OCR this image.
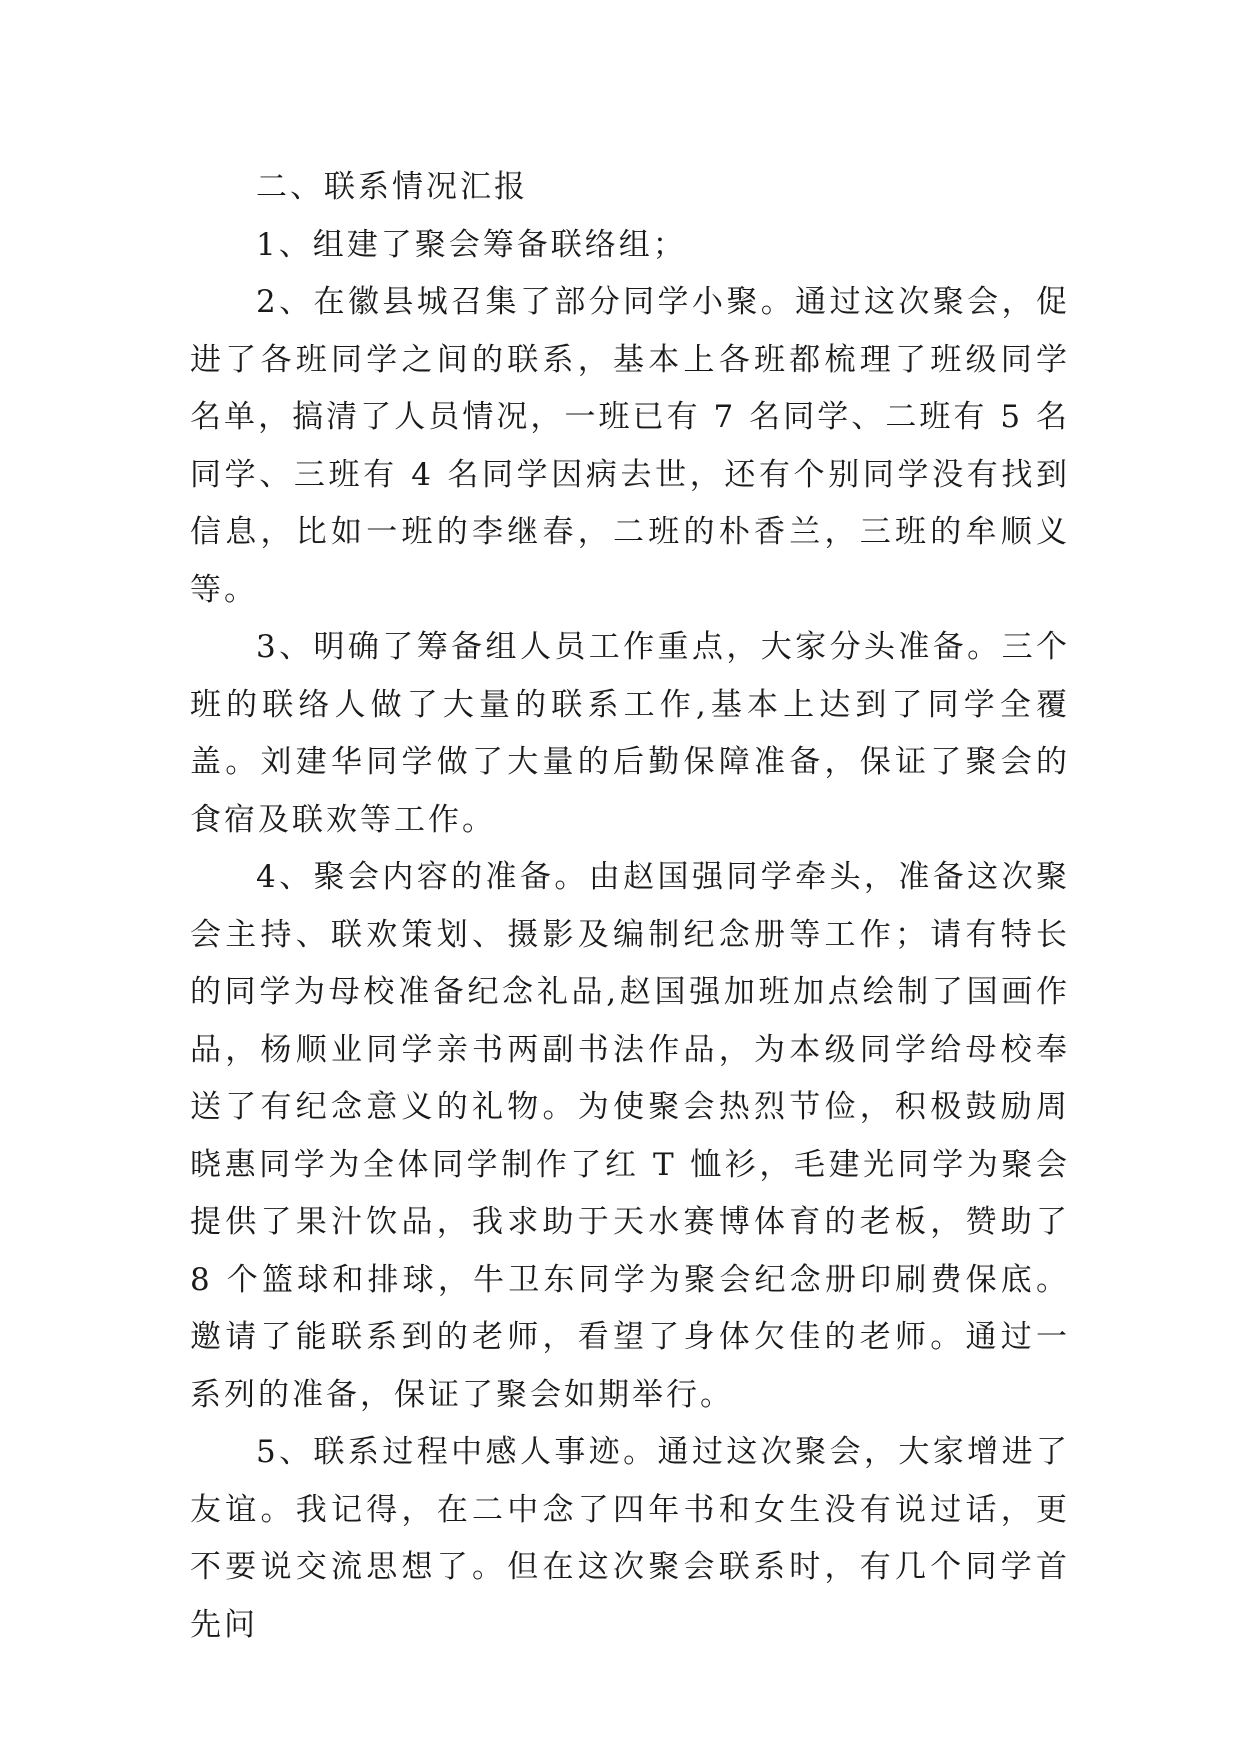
二、联系情况汇报

1、组建了聚会筹备联络组；

2、在徽县城召集了部分同学小聚。通过这次聚会，促进了各班同学之间的联系，基本上各班都梳理了班级同学名单，搞清了人员情况，一班已有 7 名同学、二班有 5 名同学、三班有 4 名同学因病去世，还有个别同学没有找到信息，比如一班的李继春，二班的朴香兰，三班的牟顺义等。

3、明确了筹备组人员工作重点，大家分头准备。三个班的联络人做了大量的联系工作,基本上达到了同学全覆盖。刘建华同学做了大量的后勤保障准备，保证了聚会的食宿及联欢等工作。

4、聚会内容的准备。由赵国强同学牵头，准备这次聚会主持、联欢策划、摄影及编制纪念册等工作；请有特长的同学为母校准备纪念礼品,赵国强加班加点绘制了国画作品，杨顺业同学亲书两副书法作品，为本级同学给母校奉送了有纪念意义的礼物。为使聚会热烈节俭，积极鼓励周晓惠同学为全体同学制作了红 T 恤衫，毛建光同学为聚会提供了果汁饮品，我求助于天水赛博体育的老板，赞助了 8 个篮球和排球，牛卫东同学为聚会纪念册印刷费保底。邀请了能联系到的老师，看望了身体欠佳的老师。通过一系列的准备，保证了聚会如期举行。

5、联系过程中感人事迹。通过这次聚会，大家增进了友谊。我记得，在二中念了四年书和女生没有说过话，更不要说交流思想了。但在这次聚会联系时，有几个同学首先问
